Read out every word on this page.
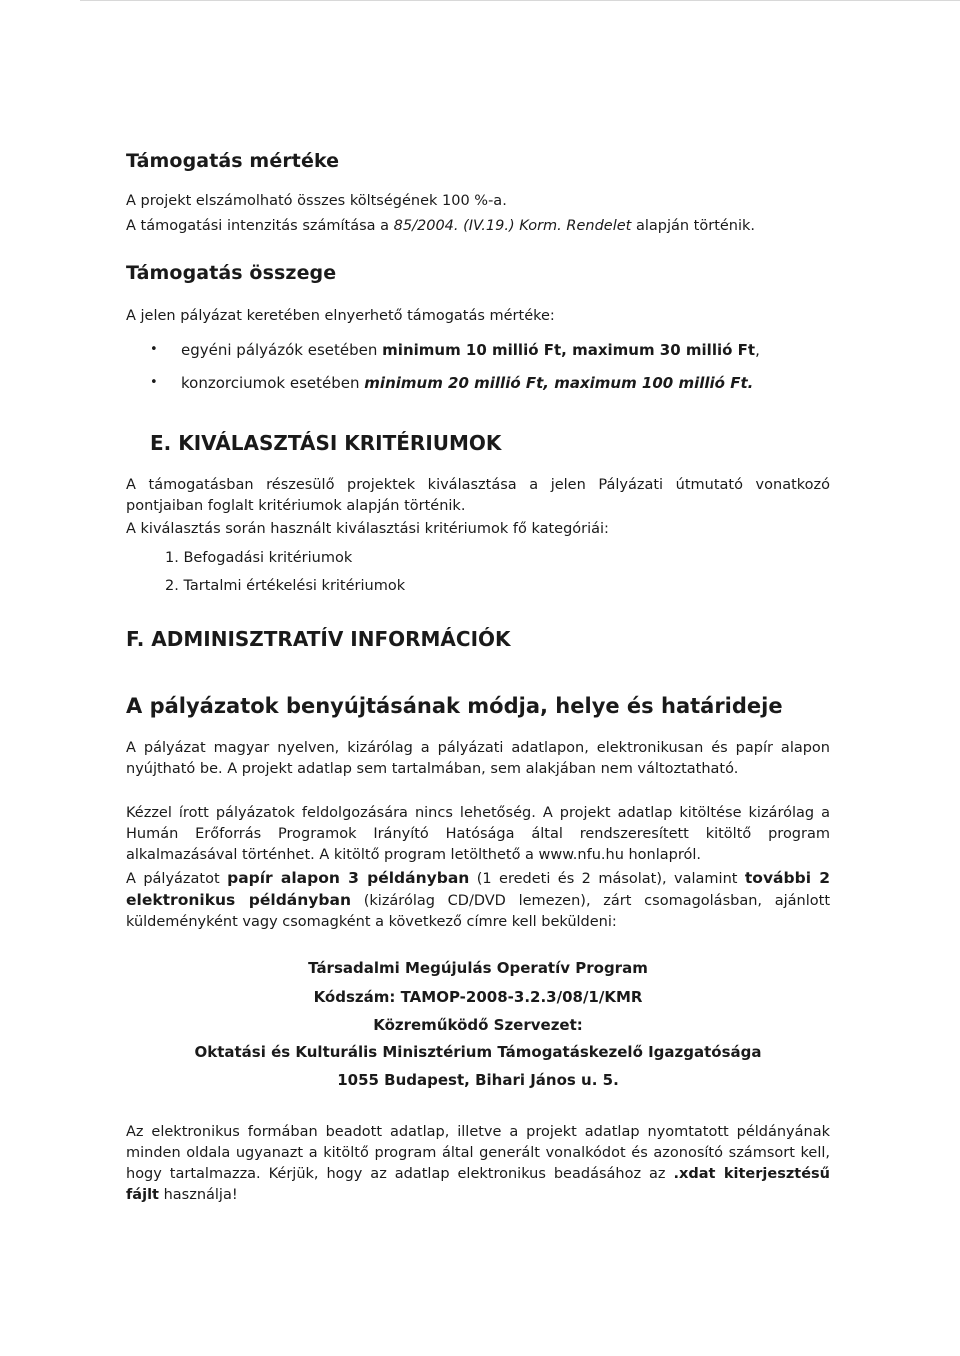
Támogatás mértéke
A projekt elszámolható összes költségének 100 %-a.
A támogatási intenzitás számítása a 85/2004. (IV.19.) Korm. Rendelet alapján történik.
Támogatás összege
A jelen pályázat keretében elnyerhető támogatás mértéke:
• egyéni pályázók esetében minimum 10 millió Ft, maximum 30 millió Ft,
• konzorciumok esetében minimum 20 millió Ft, maximum 100 millió Ft.
E. KIVÁLASZTÁSI KRITÉRIUMOK
A támogatásban részesülő projektek kiválasztása a jelen Pályázati útmutató vonatkozó pontjaiban foglalt kritériumok alapján történik.
A kiválasztás során használt kiválasztási kritériumok fő kategóriái:
1. Befogadási kritériumok
2. Tartalmi értékelési kritériumok
F. ADMINISZTRATÍV INFORMÁCIÓK
A pályázatok benyújtásának módja, helye és határideje
A pályázat magyar nyelven, kizárólag a pályázati adatlapon, elektronikusan és papír alapon nyújtható be. A projekt adatlap sem tartalmában, sem alakjában nem változtatható.
Kézzel írott pályázatok feldolgozására nincs lehetőség. A projekt adatlap kitöltése kizárólag a Humán Erőforrás Programok Irányító Hatósága által rendszeresített kitöltő program alkalmazásával történhet. A kitöltő program letölthető a www.nfu.hu honlapról.
A pályázatot papír alapon 3 példányban (1 eredeti és 2 másolat), valamint további 2 elektronikus példányban (kizárólag CD/DVD lemezen), zárt csomagolásban, ajánlott küldeményként vagy csomagként a következő címre kell beküldeni:
Társadalmi Megújulás Operatív Program
Kódszám: TAMOP-2008-3.2.3/08/1/KMR
Közreműködő Szervezet:
Oktatási és Kulturális Minisztérium Támogatáskezelő Igazgatósága
1055 Budapest, Bihari János u. 5.
Az elektronikus formában beadott adatlap, illetve a projekt adatlap nyomtatott példányának minden oldala ugyanazt a kitöltő program által generált vonalkódot és azonosító számsort kell, hogy tartalmazza. Kérjük, hogy az adatlap elektronikus beadásához az .xdat kiterjesztésű fájlt használja!
